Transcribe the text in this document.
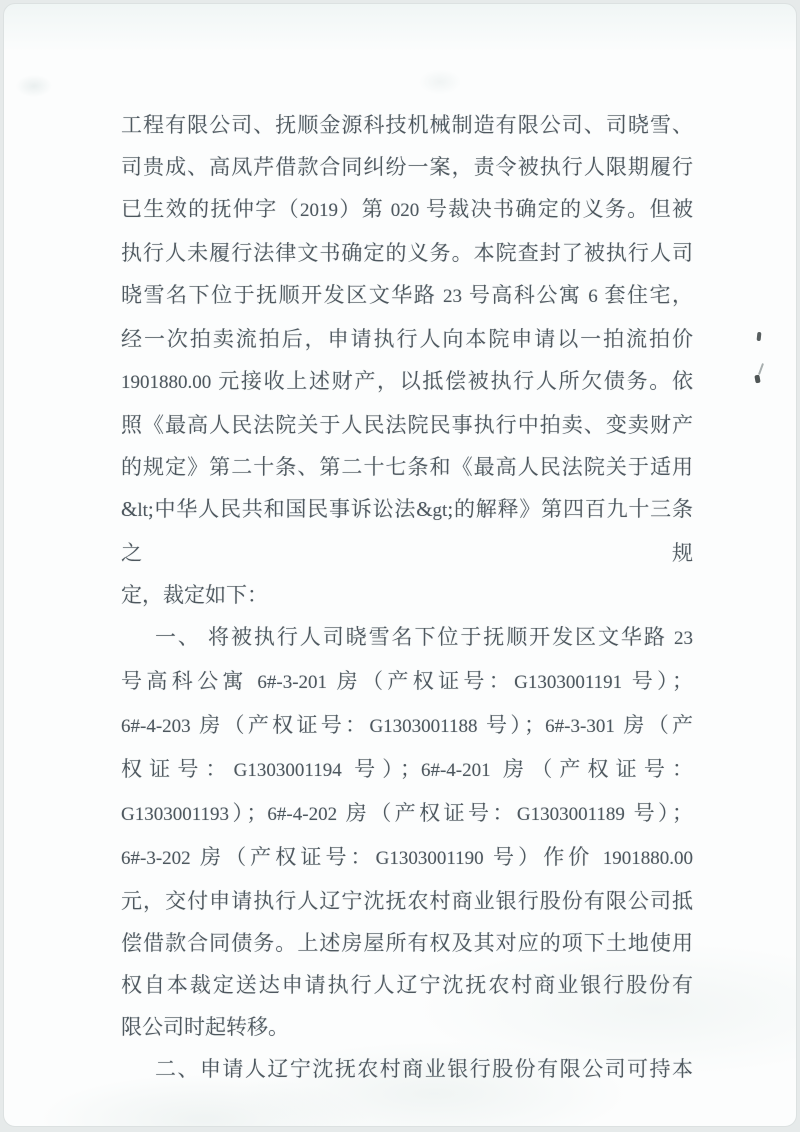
工程有限公司、抚顺金源科技机械制造有限公司、司晓雪、
司贵成、高凤芹借款合同纠纷一案，责令被执行人限期履行
已生效的抚仲字（2019）第 020 号裁决书确定的义务。但被
执行人未履行法律文书确定的义务。本院查封了被执行人司
晓雪名下位于抚顺开发区文华路 23 号高科公寓 6 套住宅，
经一次拍卖流拍后，申请执行人向本院申请以一拍流拍价
1901880.00 元接收上述财产，以抵偿被执行人所欠债务。依
照《最高人民法院关于人民法院民事执行中拍卖、变卖财产
的规定》第二十条、第二十七条和《最高人民法院关于适用
&lt;中华人民共和国民事诉讼法&gt;的解释》第四百九十三条之规
定，裁定如下：
一、 将被执行人司晓雪名下位于抚顺开发区文华路 23
号高科公寓 6#-3-201 房（产权证号：G1303001191 号）；
6#-4-203 房（产权证号：G1303001188 号）；6#-3-301 房（产
权证号：G1303001194 号）；6#-4-201 房（产权证号：
G1303001193）；6#-4-202 房（产权证号：G1303001189 号）；
6#-3-202 房（产权证号：G1303001190 号）作价 1901880.00
元，交付申请执行人辽宁沈抚农村商业银行股份有限公司抵
偿借款合同债务。上述房屋所有权及其对应的项下土地使用
权自本裁定送达申请执行人辽宁沈抚农村商业银行股份有
限公司时起转移。
二、申请人辽宁沈抚农村商业银行股份有限公司可持本
